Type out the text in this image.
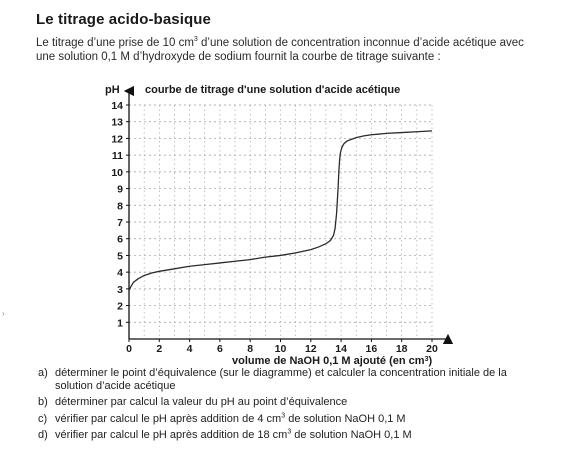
Le titrage acido-basique
Le titrage d’une prise de 10 $cm^3$ d’une solution de concentration inconnue d’acide acétique avec une solution 0,1 M d’hydroxyde de sodium fournit la courbe de titrage suivante :
›
1
2
3
4
5
6
7
8
9
10
11
12
13
14
0 2 4 6 8 10 12 14 16 18 20
pH courbe de titrage d'une solution d'acide acétique
volume de NaOH 0,1 M ajouté (en $cm^3$)
a) déterminer le point d’équivalence (sur le diagramme) et calculer la concentration initiale de la solution d’acide acétique
b) déterminer par calcul la valeur du pH au point d’équivalence
c) vérifier par calcul le pH après addition de 4 $cm^3$ de solution NaOH 0,1 M
d) vérifier par calcul le pH après addition de 18 $cm^3$ de solution NaOH 0,1 M
